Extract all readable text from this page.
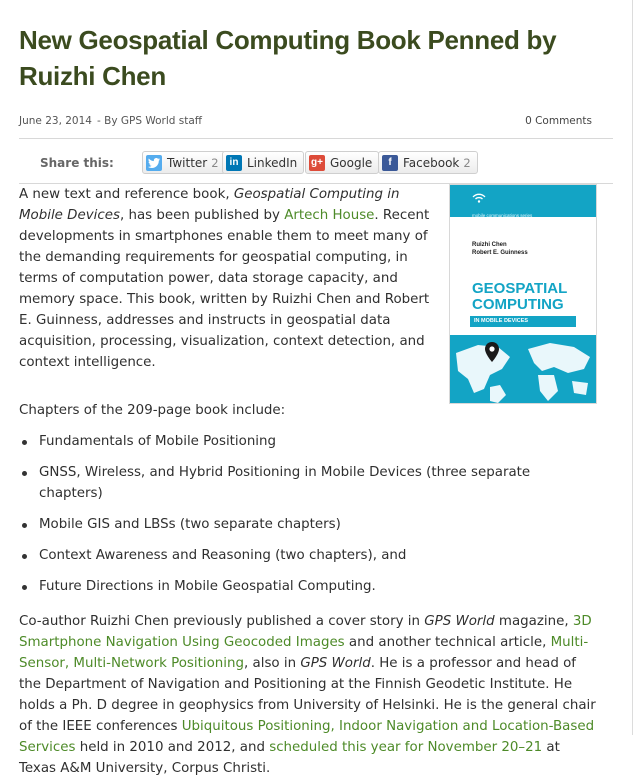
New Geospatial Computing Book Penned by Ruizhi Chen
June 23, 2014 - By GPS World staff	0 Comments
Share this:	Twitter 2	in LinkedIn g+ Google	f Facebook 2
mobile communications series
Ruizhi Chen
Robert E. Guinness
GEOSPATIAL
COMPUTING
IN MOBILE DEVICES

A new text and reference book, Geospatial Computing in Mobile Devices, has been published by Artech House. Recent developments in smartphones enable them to meet many of the demanding requirements for geospatial computing, in terms of computation power, data storage capacity, and memory space. This book, written by Ruizhi Chen and Robert E. Guinness, addresses and instructs in geospatial data acquisition, processing, visualization, context detection, and context intelligence.

Chapters of the 209-page book include:

Fundamentals of Mobile Positioning
GNSS, Wireless, and Hybrid Positioning in Mobile Devices (three separate chapters)
Mobile GIS and LBSs (two separate chapters)
Context Awareness and Reasoning (two chapters), and
Future Directions in Mobile Geospatial Computing.

Co-author Ruizhi Chen previously published a cover story in GPS World magazine, 3D Smartphone Navigation Using Geocoded Images and another technical article, Multi-Sensor, Multi-Network Positioning, also in GPS World. He is a professor and head of the Department of Navigation and Positioning at the Finnish Geodetic Institute. He holds a Ph. D degree in geophysics from University of Helsinki. He is the general chair of the IEEE conferences Ubiquitous Positioning, Indoor Navigation and Location-Based Services held in 2010 and 2012, and scheduled this year for November 20–21 at Texas A&M University, Corpus Christi.
